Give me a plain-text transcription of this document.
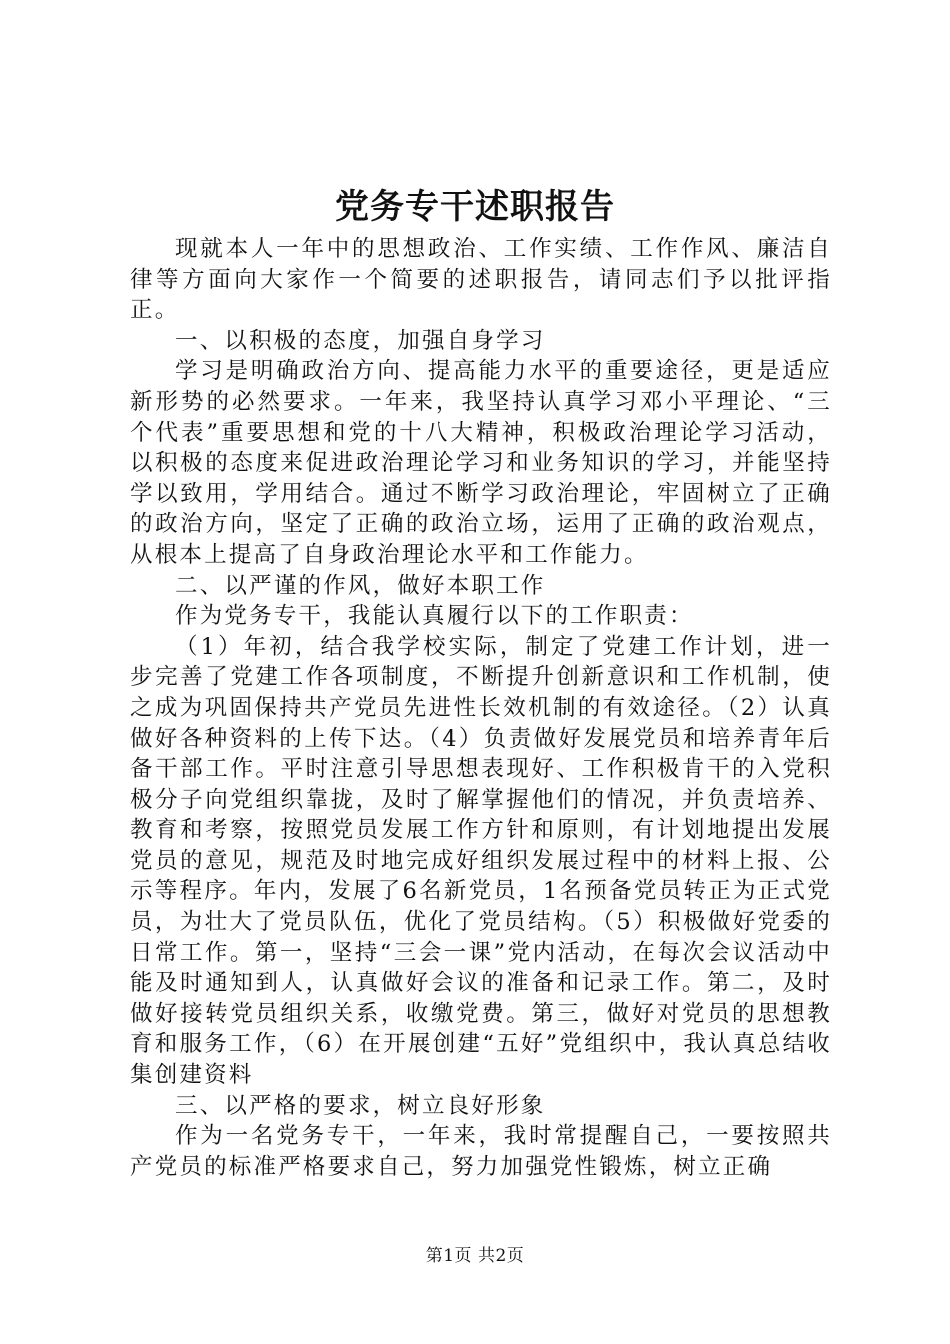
党务专干述职报告

现就本人一年中的思想政治、工作实绩、工作作风、廉洁自律等方面向大家作一个简要的述职报告，请同志们予以批评指正。

一、以积极的态度，加强自身学习

学习是明确政治方向、提高能力水平的重要途径，更是适应新形势的必然要求。一年来，我坚持认真学习邓小平理论、“三个代表”重要思想和党的十八大精神，积极政治理论学习活动，以积极的态度来促进政治理论学习和业务知识的学习，并能坚持学以致用，学用结合。通过不断学习政治理论，牢固树立了正确的政治方向，坚定了正确的政治立场，运用了正确的政治观点，从根本上提高了自身政治理论水平和工作能力。

二、以严谨的作风，做好本职工作

作为党务专干，我能认真履行以下的工作职责：

（1）年初，结合我学校实际，制定了党建工作计划，进一步完善了党建工作各项制度，不断提升创新意识和工作机制，使之成为巩固保持共产党员先进性长效机制的有效途径。（2）认真做好各种资料的上传下达。（4）负责做好发展党员和培养青年后备干部工作。平时注意引导思想表现好、工作积极肯干的入党积极分子向党组织靠拢，及时了解掌握他们的情况，并负责培养、教育和考察，按照党员发展工作方针和原则，有计划地提出发展党员的意见，规范及时地完成好组织发展过程中的材料上报、公示等程序。年内，发展了6名新党员，1名预备党员转正为正式党员，为壮大了党员队伍，优化了党员结构。（5）积极做好党委的日常工作。第一，坚持“三会一课”党内活动，在每次会议活动中能及时通知到人，认真做好会议的准备和记录工作。第二，及时做好接转党员组织关系，收缴党费。第三，做好对党员的思想教育和服务工作，（6）在开展创建“五好”党组织中，我认真总结收集创建资料

三、以严格的要求，树立良好形象

作为一名党务专干，一年来，我时常提醒自己，一要按照共产党员的标准严格要求自己，努力加强党性锻炼，树立正确

第1页 共2页
